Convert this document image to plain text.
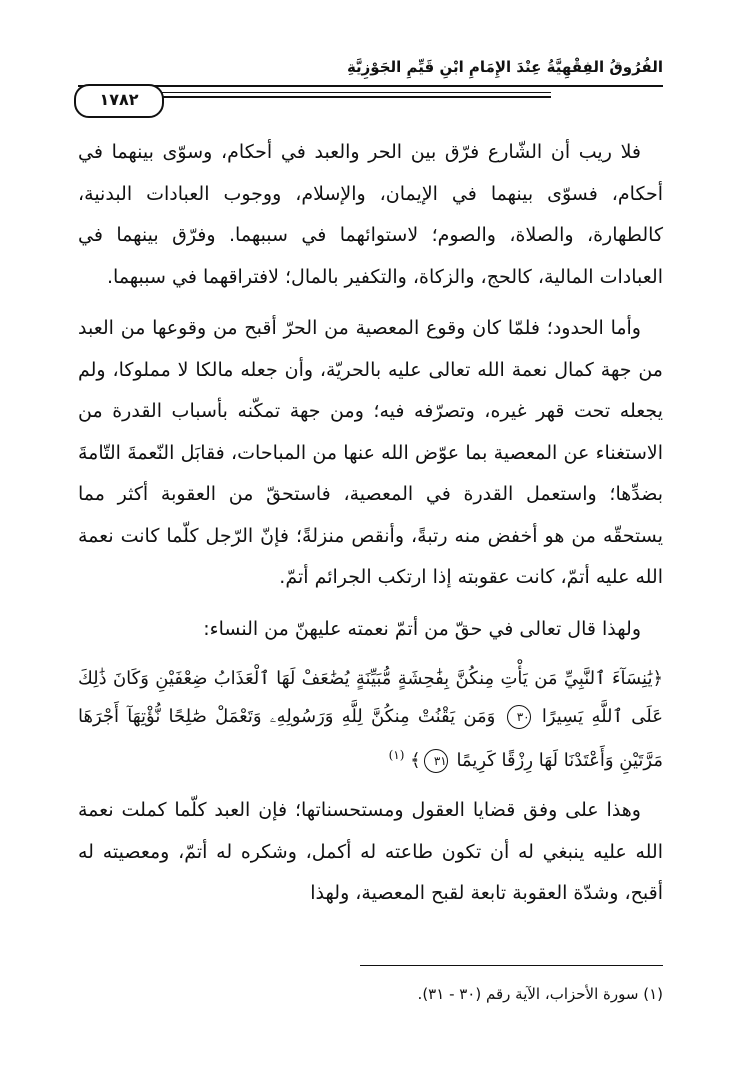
الفُرُوقُ الفِقْهِيَّةُ عِنْدَ الإِمَامِ ابْنِ قَيِّمِ الجَوْزِيَّةِ
١٧٨٢

فلا ريب أن الشّارع فرّق بين الحر والعبد في أحكام، وسوّى بينهما في أحكام، فسوّى بينهما في الإيمان، والإسلام، ووجوب العبادات البدنية، كالطهارة، والصلاة، والصوم؛ لاستوائهما في سببهما. وفرّق بينهما في العبادات المالية، كالحج، والزكاة، والتكفير بالمال؛ لافتراقهما في سببهما.

وأما الحدود؛ فلمّا كان وقوع المعصية من الحرّ أقبح من وقوعها من العبد من جهة كمال نعمة الله تعالى عليه بالحريّة، وأن جعله مالكا لا مملوكا، ولم يجعله تحت قهر غيره، وتصرّفه فيه؛ ومن جهة تمكّنه بأسباب القدرة من الاستغناء عن المعصية بما عوّض الله عنها من المباحات، فقابَل النّعمةَ التّامةَ بضدِّها؛ واستعمل القدرة في المعصية، فاستحقّ من العقوبة أكثر مما يستحقّه من هو أخفض منه رتبةً، وأنقص منزلةً؛ فإنّ الرّجل كلّما كانت نعمة الله عليه أتمّ، كانت عقوبته إذا ارتكب الجرائم أتمّ.

ولهذا قال تعالى في حقّ من أتمّ نعمته عليهنّ من النساء:

﴿يَٰنِسَآءَ ٱلنَّبِيِّ مَن يَأْتِ مِنكُنَّ بِفَٰحِشَةٍ مُّبَيِّنَةٍ يُضَٰعَفْ لَهَا ٱلْعَذَابُ ضِعْفَيْنِ وَكَانَ ذَٰلِكَ عَلَى ٱللَّهِ يَسِيرًا ٣٠ وَمَن يَقْنُتْ مِنكُنَّ لِلَّهِ وَرَسُولِهِۦ وَتَعْمَلْ صَٰلِحًا نُّؤْتِهَآ أَجْرَهَا مَرَّتَيْنِ وَأَعْتَدْنَا لَهَا رِزْقًا كَرِيمًا ٣١﴾ $^{(١)}$

وهذا على وفق قضايا العقول ومستحسناتها؛ فإن العبد كلّما كملت نعمة الله عليه ينبغي له أن تكون طاعته له أكمل، وشكره له أتمّ، ومعصيته له أقبح، وشدّة العقوبة تابعة لقبح المعصية، ولهذا

(١) سورة الأحزاب، الآية رقم (٣٠ - ٣١).
